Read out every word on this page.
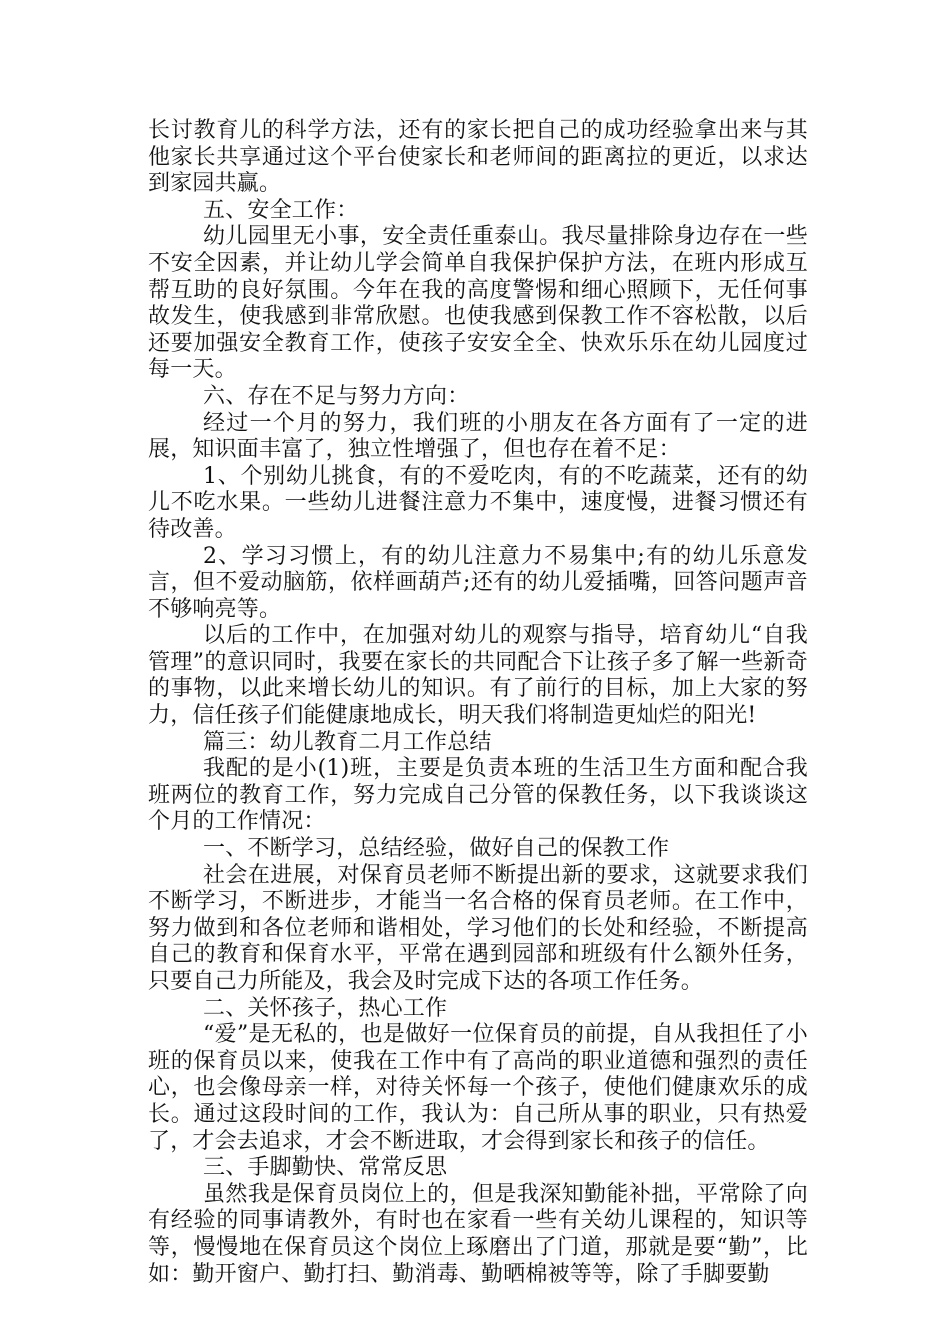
长讨教育儿的科学方法，还有的家长把自己的成功经验拿出来与其他家长共享通过这个平台使家长和老师间的距离拉的更近，以求达到家园共赢。

五、安全工作：

幼儿园里无小事，安全责任重泰山。我尽量排除身边存在一些不安全因素，并让幼儿学会简单自我保护保护方法，在班内形成互帮互助的良好氛围。今年在我的高度警惕和细心照顾下，无任何事故发生，使我感到非常欣慰。也使我感到保教工作不容松散，以后还要加强安全教育工作，使孩子安安全全、快欢乐乐在幼儿园度过每一天。

六、存在不足与努力方向：

经过一个月的努力，我们班的小朋友在各方面有了一定的进展，知识面丰富了，独立性增强了，但也存在着不足：

1、个别幼儿挑食，有的不爱吃肉，有的不吃蔬菜，还有的幼儿不吃水果。一些幼儿进餐注意力不集中，速度慢，进餐习惯还有待改善。

2、学习习惯上，有的幼儿注意力不易集中;有的幼儿乐意发言，但不爱动脑筋，依样画葫芦;还有的幼儿爱插嘴，回答问题声音不够响亮等。

以后的工作中，在加强对幼儿的观察与指导，培育幼儿“自我管理”的意识同时，我要在家长的共同配合下让孩子多了解一些新奇的事物，以此来增长幼儿的知识。有了前行的目标，加上大家的努力，信任孩子们能健康地成长，明天我们将制造更灿烂的阳光!

篇三：幼儿教育二月工作总结

我配的是小(1)班，主要是负责本班的生活卫生方面和配合我班两位的教育工作，努力完成自己分管的保教任务，以下我谈谈这个月的工作情况：

一、不断学习，总结经验，做好自己的保教工作

社会在进展，对保育员老师不断提出新的要求，这就要求我们不断学习，不断进步，才能当一名合格的保育员老师。在工作中，努力做到和各位老师和谐相处，学习他们的长处和经验，不断提高自己的教育和保育水平，平常在遇到园部和班级有什么额外任务，只要自己力所能及，我会及时完成下达的各项工作任务。

二、关怀孩子，热心工作

“爱”是无私的，也是做好一位保育员的前提，自从我担任了小班的保育员以来，使我在工作中有了高尚的职业道德和强烈的责任心，也会像母亲一样，对待关怀每一个孩子，使他们健康欢乐的成长。通过这段时间的工作，我认为：自己所从事的职业，只有热爱了，才会去追求，才会不断进取，才会得到家长和孩子的信任。

三、手脚勤快、常常反思

虽然我是保育员岗位上的，但是我深知勤能补拙，平常除了向有经验的同事请教外，有时也在家看一些有关幼儿课程的，知识等等，慢慢地在保育员这个岗位上琢磨出了门道，那就是要“勤”，比如：勤开窗户、勤打扫、勤消毒、勤晒棉被等等，除了手脚要勤
